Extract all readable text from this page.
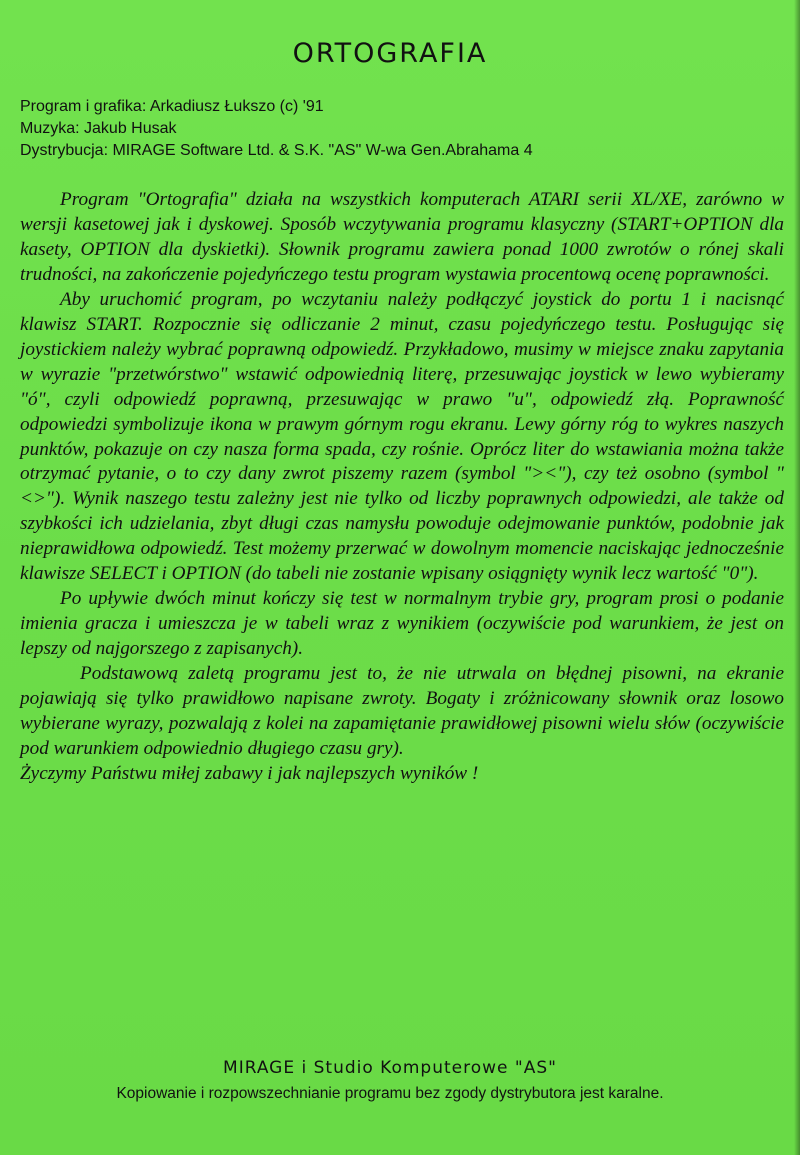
ORTOGRAFIA
Program i grafika: Arkadiusz Łukszo (c) '91
Muzyka: Jakub Husak
Dystrybucja: MIRAGE Software Ltd. & S.K. "AS" W-wa Gen.Abrahama 4

Program "Ortografia" działa na wszystkich komputerach ATARI serii XL/XE, zarówno w wersji kasetowej jak i dyskowej. Sposób wczytywania programu klasyczny (START+OPTION dla kasety, OPTION dla dyskietki). Słownik programu zawiera ponad 1000 zwrotów o rónej skali trudności, na zakończenie pojedyńczego testu program wystawia procentową ocenę poprawności.

Aby uruchomić program, po wczytaniu należy podłączyć joystick do portu 1 i nacisnąć klawisz START. Rozpocznie się odliczanie 2 minut, czasu pojedyńczego testu. Posługując się joystickiem należy wybrać poprawną odpowiedź. Przykładowo, musimy w miejsce znaku zapytania w wyrazie "przetwórstwo" wstawić odpowiednią literę, przesuwając joystick w lewo wybieramy "ó", czyli odpowiedź poprawną, przesuwając w prawo "u", odpowiedź złą. Poprawność odpowiedzi symbolizuje ikona w prawym górnym rogu ekranu. Lewy górny róg to wykres naszych punktów, pokazuje on czy nasza forma spada, czy rośnie. Oprócz liter do wstawiania można także otrzymać pytanie, o to czy dany zwrot piszemy razem (symbol "><"), czy też osobno (symbol "<>"). Wynik naszego testu zależny jest nie tylko od liczby poprawnych odpowiedzi, ale także od szybkości ich udzielania, zbyt długi czas namysłu powoduje odejmowanie punktów, podobnie jak nieprawidłowa odpowiedź. Test możemy przerwać w dowolnym momencie naciskając jednocześnie klawisze SELECT i OPTION (do tabeli nie zostanie wpisany osiągnięty wynik lecz wartość "0").

Po upływie dwóch minut kończy się test w normalnym trybie gry, program prosi o podanie imienia gracza i umieszcza je w tabeli wraz z wynikiem (oczywiście pod warunkiem, że jest on lepszy od najgorszego z zapisanych).

Podstawową zaletą programu jest to, że nie utrwala on błędnej pisowni, na ekranie pojawiają się tylko prawidłowo napisane zwroty. Bogaty i zróżnicowany słownik oraz losowo wybierane wyrazy, pozwalają z kolei na zapamiętanie prawidłowej pisowni wielu słów (oczywiście pod warunkiem odpowiednio długiego czasu gry).

Życzymy Państwu miłej zabawy i jak najlepszych wyników !

MIRAGE i Studio Komputerowe "AS"
Kopiowanie i rozpowszechnianie programu bez zgody dystrybutora jest karalne.
